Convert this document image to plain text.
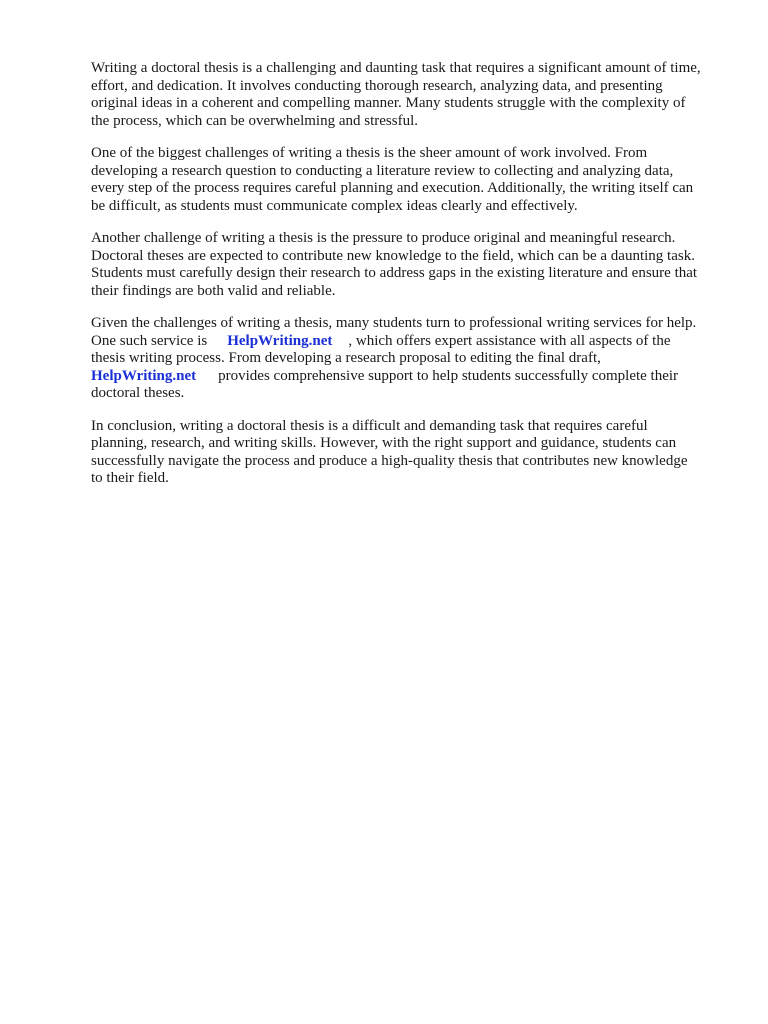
Writing a doctoral thesis is a challenging and daunting task that requires a significant amount of time,
effort, and dedication. It involves conducting thorough research, analyzing data, and presenting
original ideas in a coherent and compelling manner. Many students struggle with the complexity of
the process, which can be overwhelming and stressful.

One of the biggest challenges of writing a thesis is the sheer amount of work involved. From
developing a research question to conducting a literature review to collecting and analyzing data,
every step of the process requires careful planning and execution. Additionally, the writing itself can
be difficult, as students must communicate complex ideas clearly and effectively.

Another challenge of writing a thesis is the pressure to produce original and meaningful research.
Doctoral theses are expected to contribute new knowledge to the field, which can be a daunting task.
Students must carefully design their research to address gaps in the existing literature and ensure that
their findings are both valid and reliable.

Given the challenges of writing a thesis, many students turn to professional writing services for help.
One such service is HelpWriting.net , which offers expert assistance with all aspects of the
thesis writing process. From developing a research proposal to editing the final draft,
HelpWriting.net provides comprehensive support to help students successfully complete their
doctoral theses.

In conclusion, writing a doctoral thesis is a difficult and demanding task that requires careful
planning, research, and writing skills. However, with the right support and guidance, students can
successfully navigate the process and produce a high-quality thesis that contributes new knowledge
to their field.
